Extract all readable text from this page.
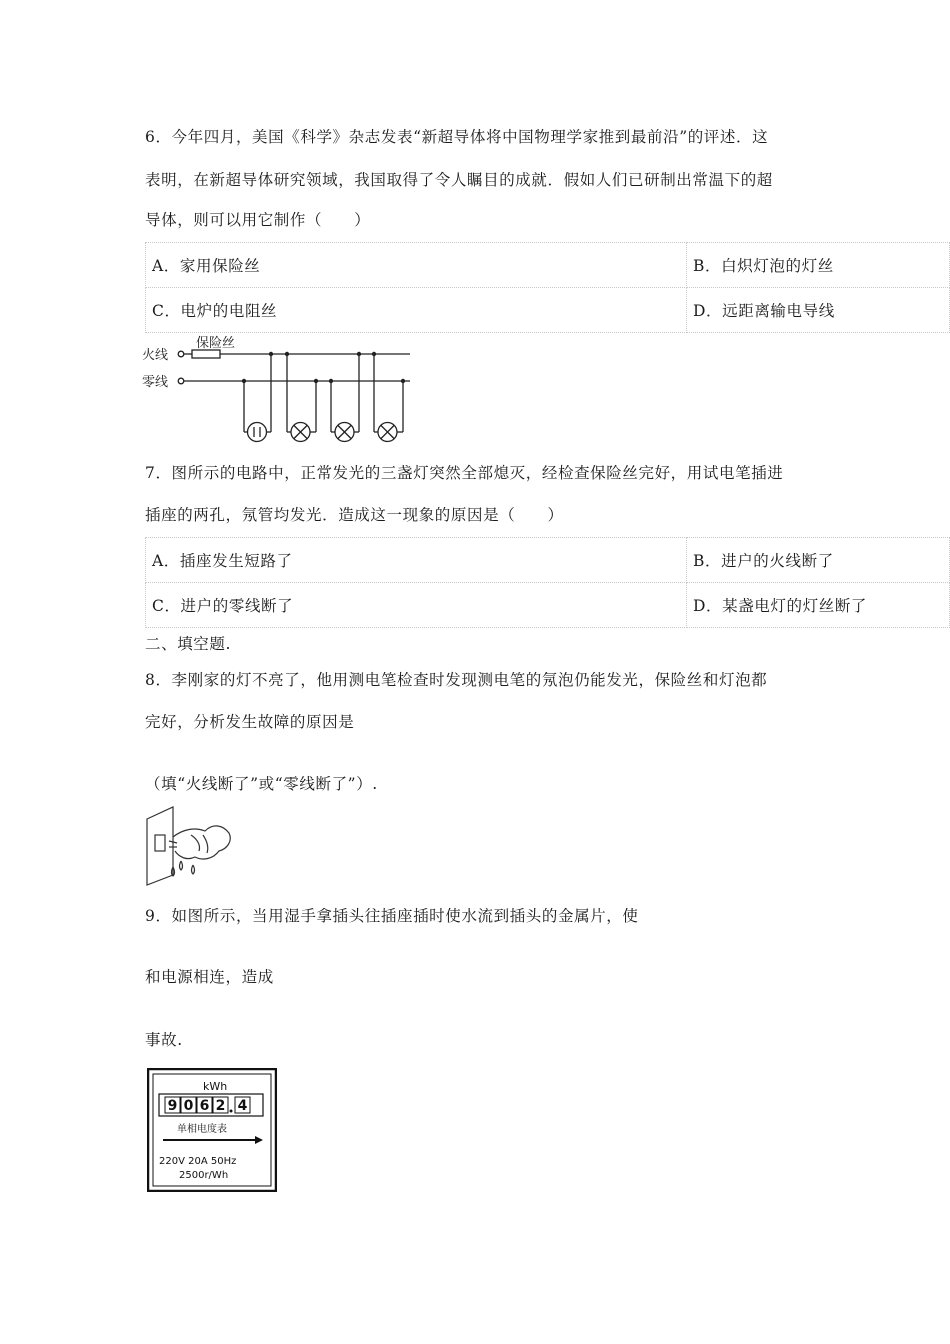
6．今年四月，美国《科学》杂志发表“新超导体将中国物理学家推到最前沿”的评述．这
表明，在新超导体研究领域，我国取得了令人瞩目的成就．假如人们已研制出常温下的超
导体，则可以用它制作（　　）
A．家用保险丝	B．白炽灯泡的灯丝
C．电炉的电阻丝	D．远距离输电导线
火线
零线
保险丝
7．图所示的电路中，正常发光的三盏灯突然全部熄灭，经检查保险丝完好，用试电笔插进
插座的两孔，氖管均发光．造成这一现象的原因是（　　）
A．插座发生短路了	B．进户的火线断了
C．进户的零线断了	D．某盏电灯的灯丝断了
二、填空题.
8．李刚家的灯不亮了，他用测电笔检查时发现测电笔的氖泡仍能发光，保险丝和灯泡都
完好，分析发生故障的原因是
（填“火线断了”或“零线断了”）.
9．如图所示，当用湿手拿插头往插座插时使水流到插头的金属片，使
和电源相连，造成
事故.
kWh
9 0 6 2 4
单相电度表
220V 20A 50Hz
2500r/Wh
